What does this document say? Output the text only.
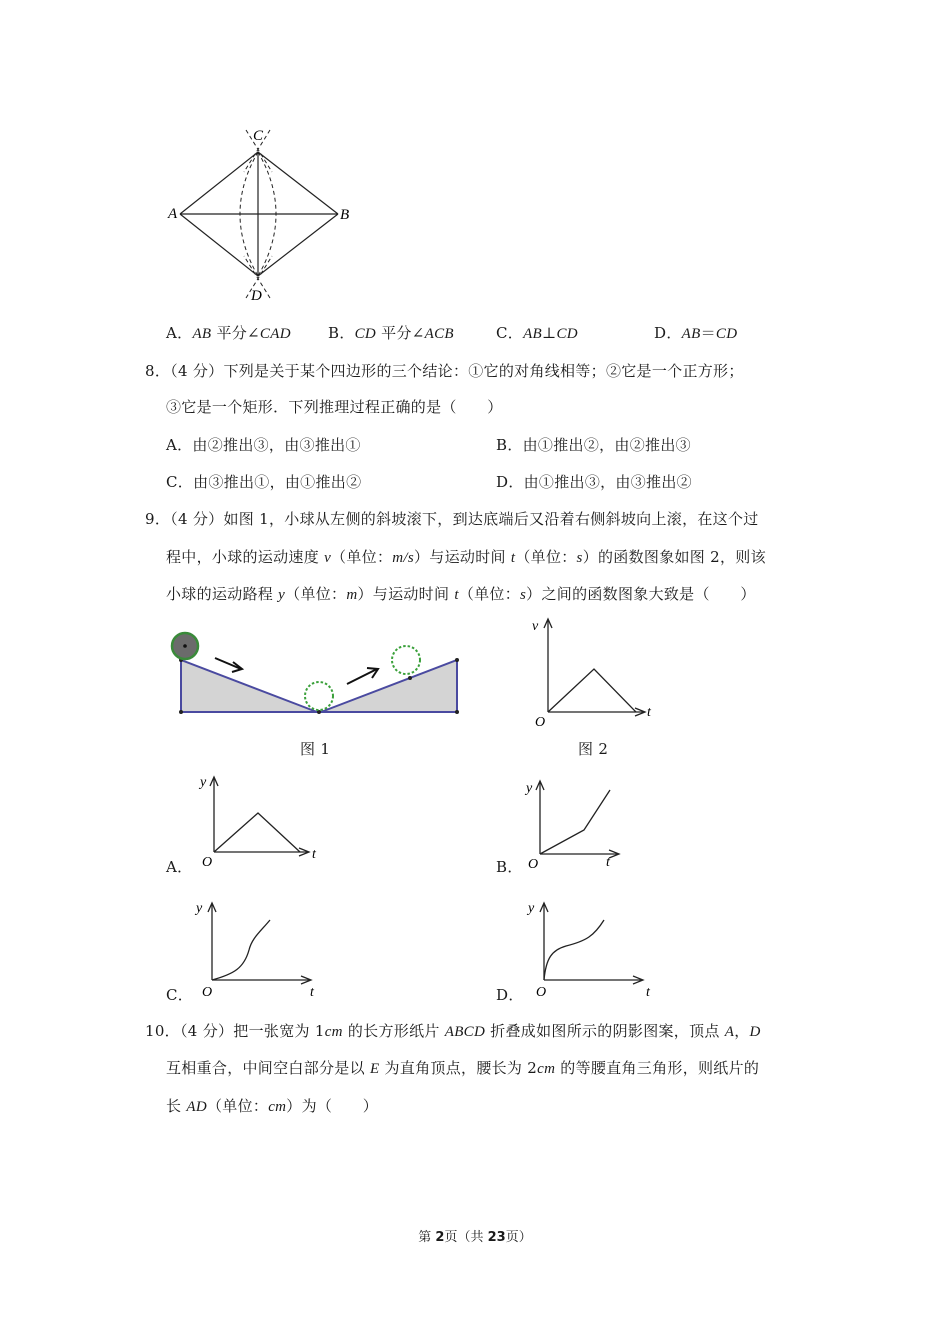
C
A	B
D
A．AB 平分∠CAD B．CD 平分∠ACB	C．AB⊥CD	D．AB＝CD
8．（4 分）下列是关于某个四边形的三个结论：①它的对角线相等；②它是一个正方形；
③它是一个矩形．下列推理过程正确的是（　　）
A．由②推出③，由③推出①	B．由①推出②，由②推出③
C．由③推出①，由①推出②	D．由①推出③，由③推出②
9．（4 分）如图 1，小球从左侧的斜坡滚下，到达底端后又沿着右侧斜坡向上滚，在这个过
程中，小球的运动速度 v（单位：m/s）与运动时间 t（单位：s）的函数图象如图 2，则该
小球的运动路程 y（单位：m）与运动时间 t（单位：s）之间的函数图象大致是（　　）
图 1
v
t
O
图 2
A．
y
t
O	B．
y
t
O
C．
y
t
O	D．
y
t
O
10．（4 分）把一张宽为 1cm 的长方形纸片 ABCD 折叠成如图所示的阴影图案，顶点 A，D
互相重合，中间空白部分是以 E 为直角顶点，腰长为 2cm 的等腰直角三角形，则纸片的
长 AD（单位：cm）为（　　）
第 2页（共 23页）
